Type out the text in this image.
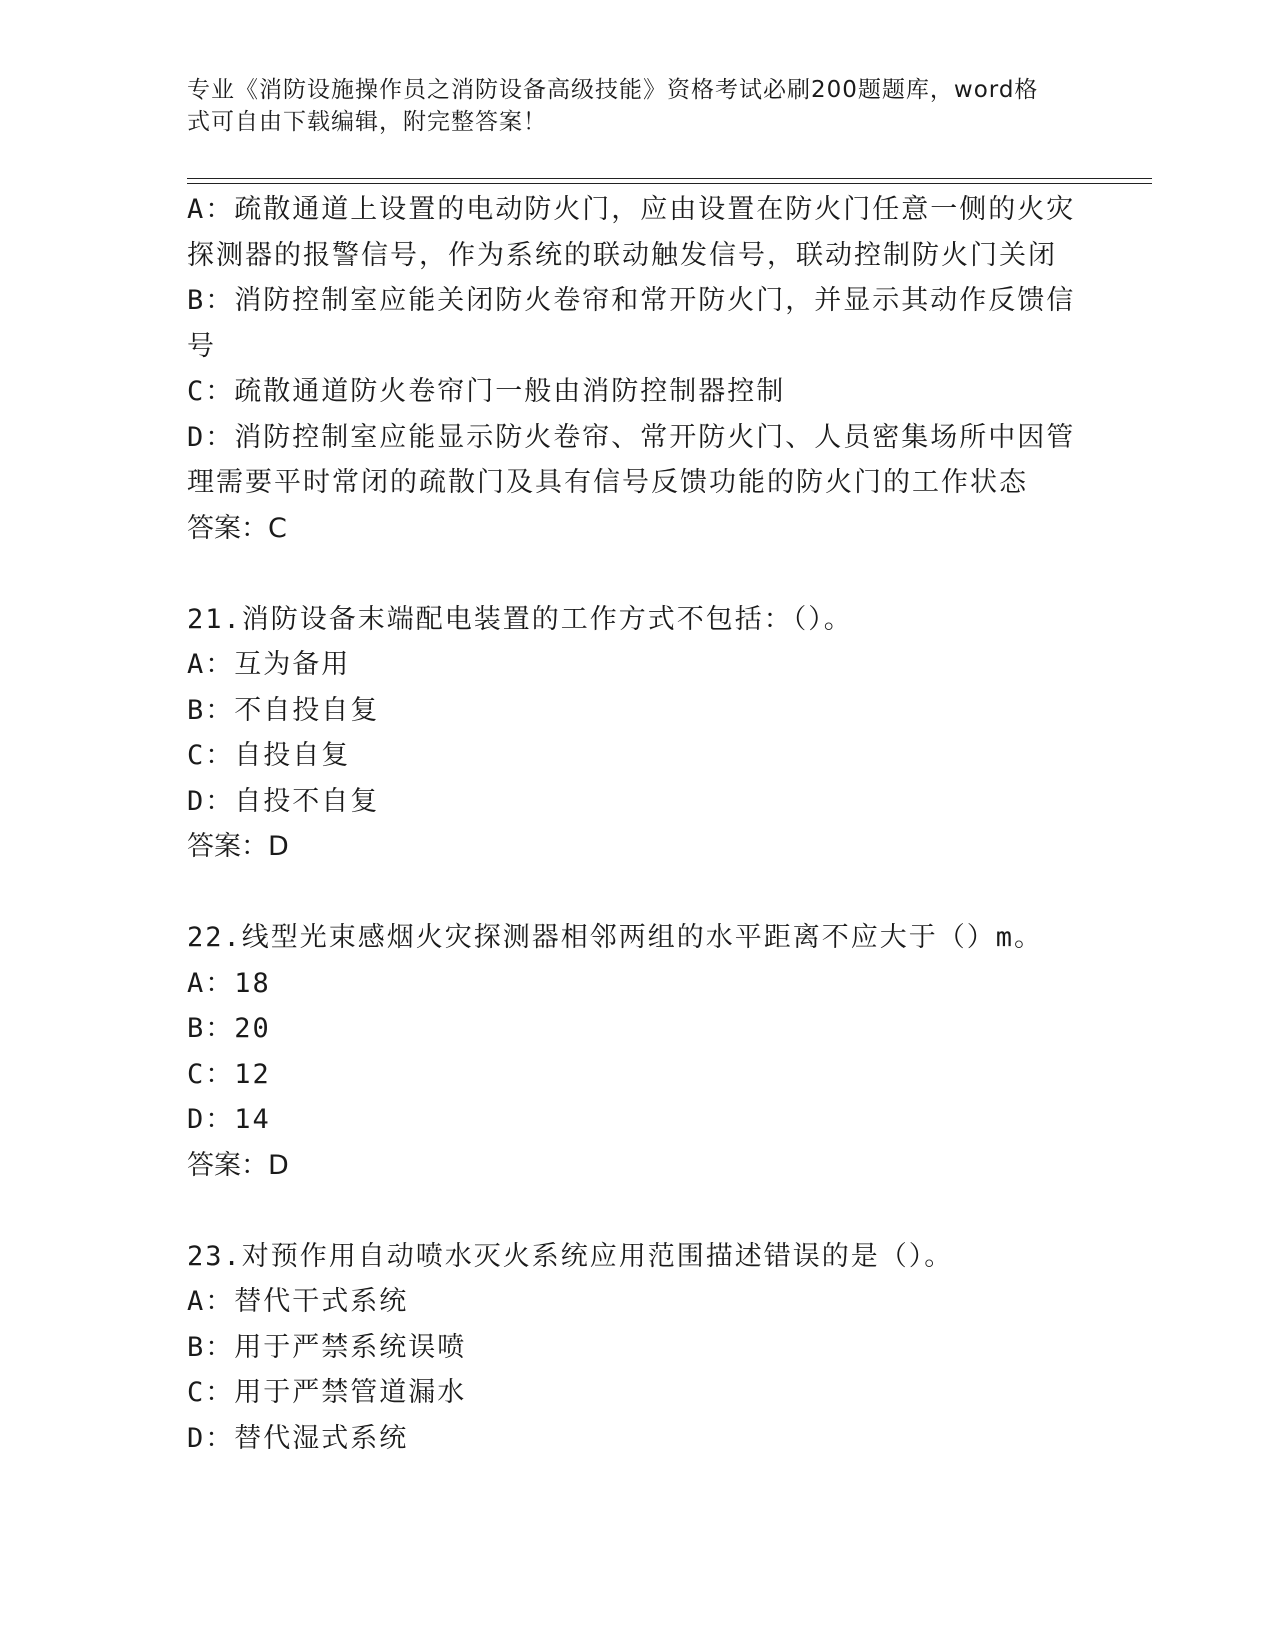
专业《消防设施操作员之消防设备高级技能》资格考试必刷200题题库，word格
式可自由下载编辑，附完整答案！
A：疏散通道上设置的电动防火门，应由设置在防火门任意一侧的火灾
探测器的报警信号，作为系统的联动触发信号，联动控制防火门关闭
B：消防控制室应能关闭防火卷帘和常开防火门，并显示其动作反馈信
号
C：疏散通道防火卷帘门一般由消防控制器控制
D：消防控制室应能显示防火卷帘、常开防火门、人员密集场所中因管
理需要平时常闭的疏散门及具有信号反馈功能的防火门的工作状态
答案：C
21.消防设备末端配电装置的工作方式不包括：（）。
A：互为备用
B：不自投自复
C：自投自复
D：自投不自复
答案：D
22.线型光束感烟火灾探测器相邻两组的水平距离不应大于（）m。
A：18
B：20
C：12
D：14
答案：D
23.对预作用自动喷水灭火系统应用范围描述错误的是（）。
A：替代干式系统
B：用于严禁系统误喷
C：用于严禁管道漏水
D：替代湿式系统
